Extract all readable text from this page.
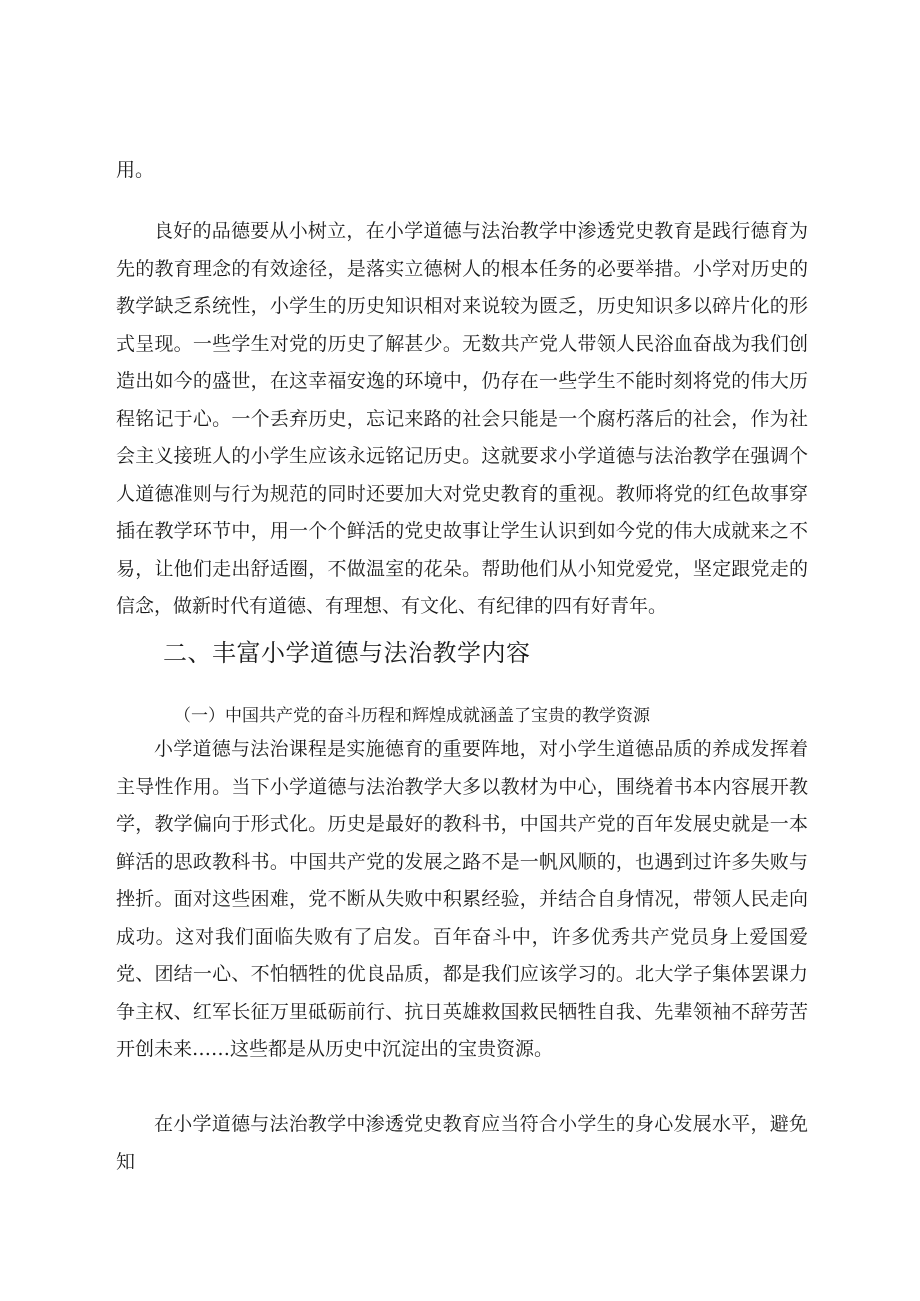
用。

良好的品德要从小树立，在小学道德与法治教学中渗透党史教育是践行德育为先的教育理念的有效途径，是落实立德树人的根本任务的必要举措。小学对历史的教学缺乏系统性，小学生的历史知识相对来说较为匮乏，历史知识多以碎片化的形式呈现。一些学生对党的历史了解甚少。无数共产党人带领人民浴血奋战为我们创造出如今的盛世，在这幸福安逸的环境中，仍存在一些学生不能时刻将党的伟大历程铭记于心。一个丢弃历史，忘记来路的社会只能是一个腐朽落后的社会，作为社会主义接班人的小学生应该永远铭记历史。这就要求小学道德与法治教学在强调个人道德准则与行为规范的同时还要加大对党史教育的重视。教师将党的红色故事穿插在教学环节中，用一个个鲜活的党史故事让学生认识到如今党的伟大成就来之不易，让他们走出舒适圈，不做温室的花朵。帮助他们从小知党爱党，坚定跟党走的信念，做新时代有道德、有理想、有文化、有纪律的四有好青年。

二、丰富小学道德与法治教学内容
（一）中国共产党的奋斗历程和辉煌成就涵盖了宝贵的教学资源

小学道德与法治课程是实施德育的重要阵地，对小学生道德品质的养成发挥着主导性作用。当下小学道德与法治教学大多以教材为中心，围绕着书本内容展开教学，教学偏向于形式化。历史是最好的教科书，中国共产党的百年发展史就是一本鲜活的思政教科书。中国共产党的发展之路不是一帆风顺的，也遇到过许多失败与挫折。面对这些困难，党不断从失败中积累经验，并结合自身情况，带领人民走向成功。这对我们面临失败有了启发。百年奋斗中，许多优秀共产党员身上爱国爱党、团结一心、不怕牺牲的优良品质，都是我们应该学习的。北大学子集体罢课力争主权、红军长征万里砥砺前行、抗日英雄救国救民牺牲自我、先辈领袖不辞劳苦开创未来……这些都是从历史中沉淀出的宝贵资源。

在小学道德与法治教学中渗透党史教育应当符合小学生的身心发展水平，避免知
